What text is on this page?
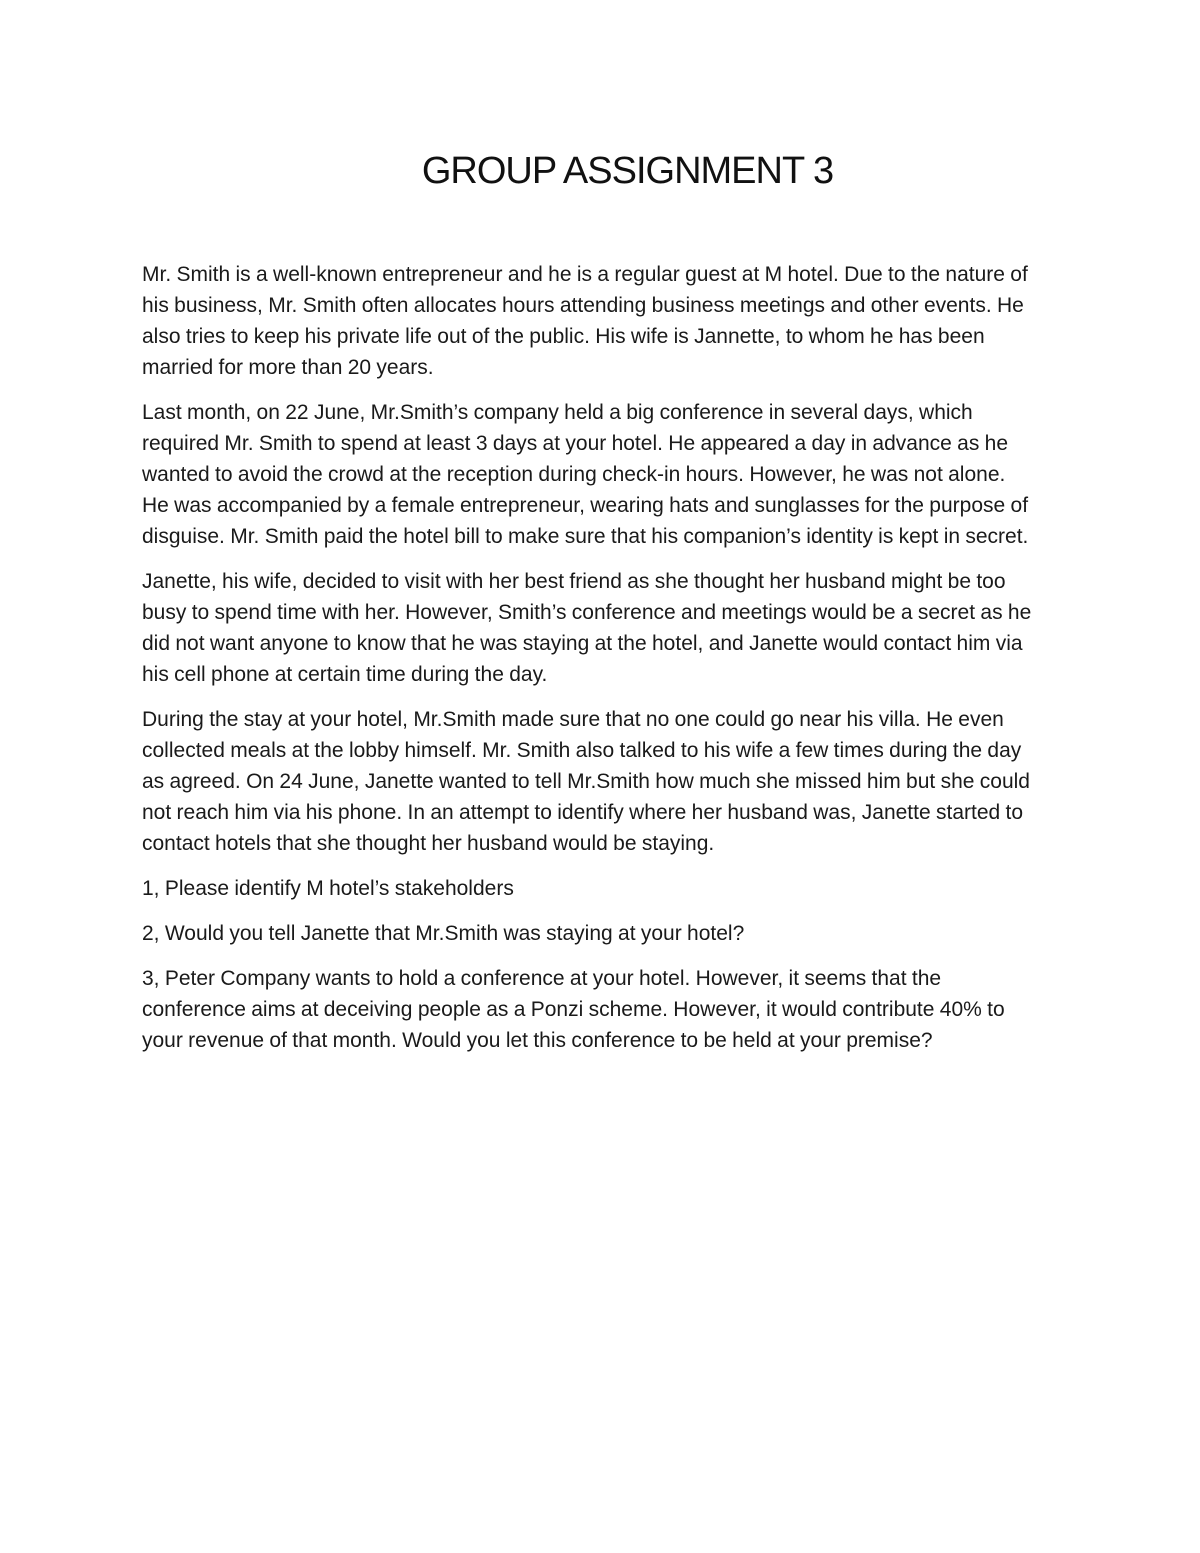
GROUP ASSIGNMENT 3

Mr. Smith is a well-known entrepreneur and he is a regular guest at M hotel. Due to the nature of
his business, Mr. Smith often allocates hours attending business meetings and other events. He
also tries to keep his private life out of the public. His wife is Jannette, to whom he has been
married for more than 20 years.

Last month, on 22 June, Mr.Smith’s company held a big conference in several days, which
required Mr. Smith to spend at least 3 days at your hotel. He appeared a day in advance as he
wanted to avoid the crowd at the reception during check-in hours. However, he was not alone.
He was accompanied by a female entrepreneur, wearing hats and sunglasses for the purpose of
disguise. Mr. Smith paid the hotel bill to make sure that his companion’s identity is kept in secret.

Janette, his wife, decided to visit with her best friend as she thought her husband might be too
busy to spend time with her. However, Smith’s conference and meetings would be a secret as he
did not want anyone to know that he was staying at the hotel, and Janette would contact him via
his cell phone at certain time during the day.

During the stay at your hotel, Mr.Smith made sure that no one could go near his villa. He even
collected meals at the lobby himself. Mr. Smith also talked to his wife a few times during the day
as agreed. On 24 June, Janette wanted to tell Mr.Smith how much she missed him but she could
not reach him via his phone. In an attempt to identify where her husband was, Janette started to
contact hotels that she thought her husband would be staying.

1, Please identify M hotel’s stakeholders

2, Would you tell Janette that Mr.Smith was staying at your hotel?

3, Peter Company wants to hold a conference at your hotel. However, it seems that the
conference aims at deceiving people as a Ponzi scheme. However, it would contribute 40% to
your revenue of that month. Would you let this conference to be held at your premise?
